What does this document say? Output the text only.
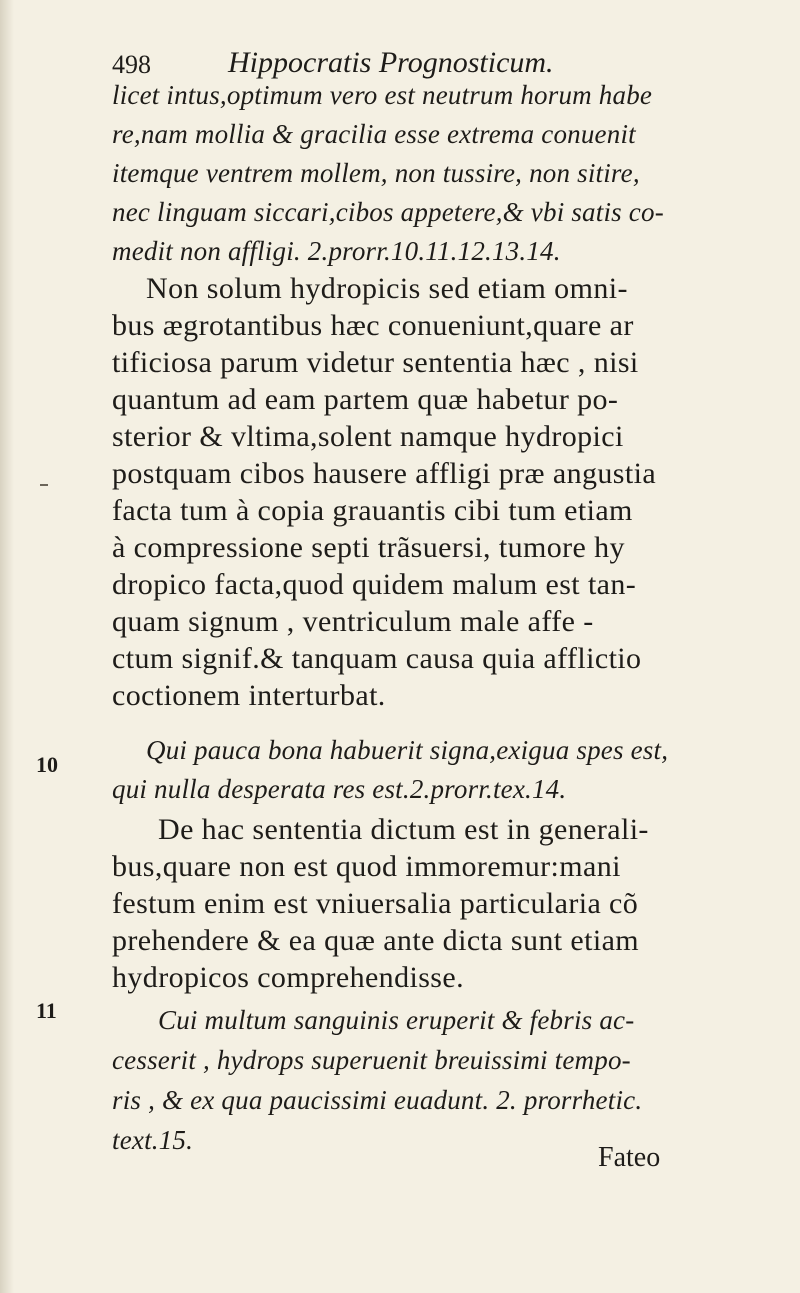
498	Hippocratis Prognosticum.
licet intus,optimum vero est neutrum horum habe
re,nam mollia & gracilia esse extrema conuenit
itemque ventrem mollem, non tussire, non sitire,
nec linguam siccari,cibos appetere,& vbi satis co-
medit non affligi. 2.prorr.10.11.12.13.14.
Non solum hydropicis sed etiam omni-
bus ægrotantibus hæc conueniunt,quare ar
tificiosa parum videtur sententia hæc , nisi
quantum ad eam partem quæ habetur po-
sterior & vltima,solent namque hydropici
postquam cibos hausere affligi præ angustia
facta tum à copia grauantis cibi tum etiam
à compressione septi trãsuersi, tumore hy
dropico facta,quod quidem malum est tan-
quam signum , ventriculum male affe -
ctum signif.& tanquam causa quia afflictio
coctionem interturbat.
10	Qui pauca bona habuerit signa,exigua spes est,
qui nulla desperata res est.2.prorr.tex.14.
De hac sententia dictum est in generali-
bus,quare non est quod immoremur:mani
festum enim est vniuersalia particularia cõ
prehendere & ea quæ ante dicta sunt etiam
hydropicos comprehendisse.
11	Cui multum sanguinis eruperit & febris ac-
cesserit , hydrops superuenit breuissimi tempo-
ris , & ex qua paucissimi euadunt. 2. prorrhetic.
text.15.
Fateo
